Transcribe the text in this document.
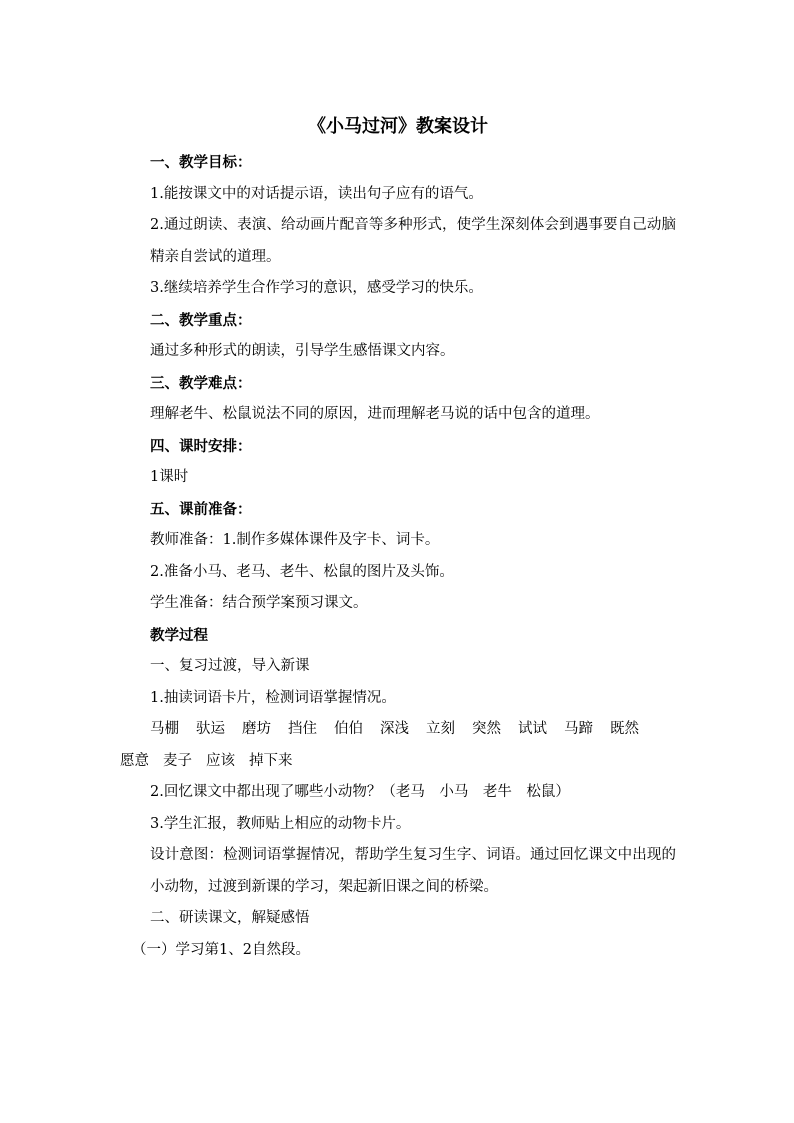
《小马过河》教案设计
一、教学目标：
1.能按课文中的对话提示语，读出句子应有的语气。
2.通过朗读、表演、给动画片配音等多种形式，使学生深刻体会到遇事要自己动脑精亲自尝试的道理。
3.继续培养学生合作学习的意识，感受学习的快乐。
二、教学重点：
通过多种形式的朗读，引导学生感悟课文内容。
三、教学难点：
理解老牛、松鼠说法不同的原因，进而理解老马说的话中包含的道理。
四、课时安排：
1课时
五、课前准备：
教师准备：1.制作多媒体课件及字卡、词卡。
2.准备小马、老马、老牛、松鼠的图片及头饰。
学生准备：结合预学案预习课文。
教学过程
一、复习过渡，导入新课
1.抽读词语卡片，检测词语掌握情况。
马棚 驮运 磨坊 挡住 伯伯 深浅 立刻 突然 试试 马蹄 既然
愿意 麦子 应该 掉下来
2.回忆课文中都出现了哪些小动物？（老马　小马　老牛　松鼠）
3.学生汇报，教师贴上相应的动物卡片。
设计意图：检测词语掌握情况，帮助学生复习生字、词语。通过回忆课文中出现的小动物，过渡到新课的学习，架起新旧课之间的桥梁。
二、研读课文，解疑感悟
（一）学习第1、2自然段。
